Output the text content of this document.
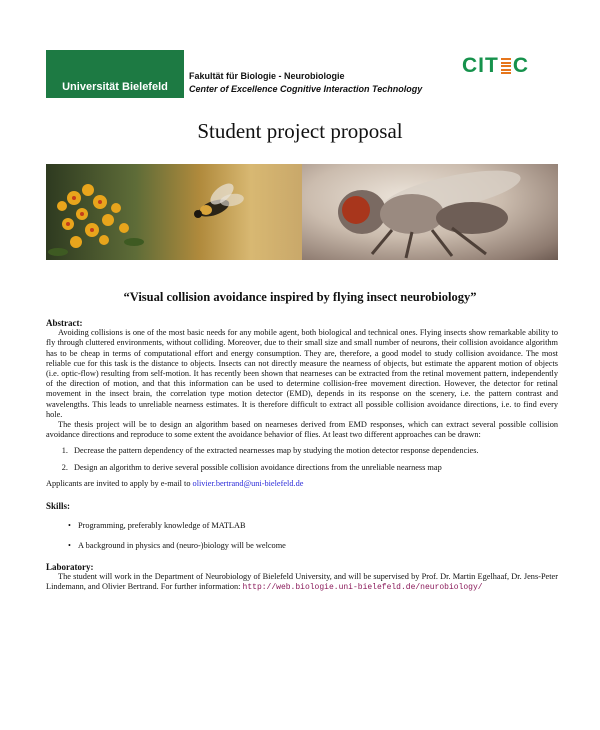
Universität Bielefeld
Fakultät für Biologie - Neurobiologie
Center of Excellence Cognitive Interaction Technology
CIT C
Student project proposal
“Visual collision avoidance inspired by flying insect neurobiology”
Abstract:

Avoiding collisions is one of the most basic needs for any mobile agent, both biological and technical ones. Flying insects show remarkable ability to fly through cluttered environments, without colliding. Moreover, due to their small size and small number of neurons, their collision avoidance algorithm has to be cheap in terms of computational effort and energy consumption. They are, therefore, a good model to study collision avoidance. The most reliable cue for this task is the distance to objects. Insects can not directly measure the nearness of objects, but estimate the apparent motion of objects (i.e. optic-flow) resulting from self-motion. It has recently been shown that nearneses can be extracted from the retinal movement pattern, independently of the direction of motion, and that this information can be used to determine collision-free movement direction. However, the detector for retinal movement in the insect brain, the correlation type motion detector (EMD), depends in its response on the scenery, i.e. the pattern contrast and wavelengths. This leads to unreliable nearness estimates. It is therefore difficult to extract all possible collision avoidance directions, i.e. to find every hole.

The thesis project will be to design an algorithm based on nearneses derived from EMD responses, which can extract several possible collision avoidance directions and reproduce to some extent the avoidance behavior of flies. At least two different approaches can be drawn:

1. Decrease the pattern dependency of the extracted nearnesses map by studying the motion detector response dependencies.
2. Design an algorithm to derive several possible collision avoidance directions from the unreliable nearness map
Applicants are invited to apply by e-mail to olivier.bertrand@uni-bielefeld.de
Skills:
• Programming, preferably knowledge of MATLAB
• A background in physics and (neuro-)biology will be welcome
Laboratory:

The student will work in the Department of Neurobiology of Bielefeld University, and will be supervised by Prof. Dr. Martin Egelhaaf, Dr. Jens-Peter Lindemann, and Olivier Bertrand. For further information: http://web.biologie.uni-bielefeld.de/neurobiology/
